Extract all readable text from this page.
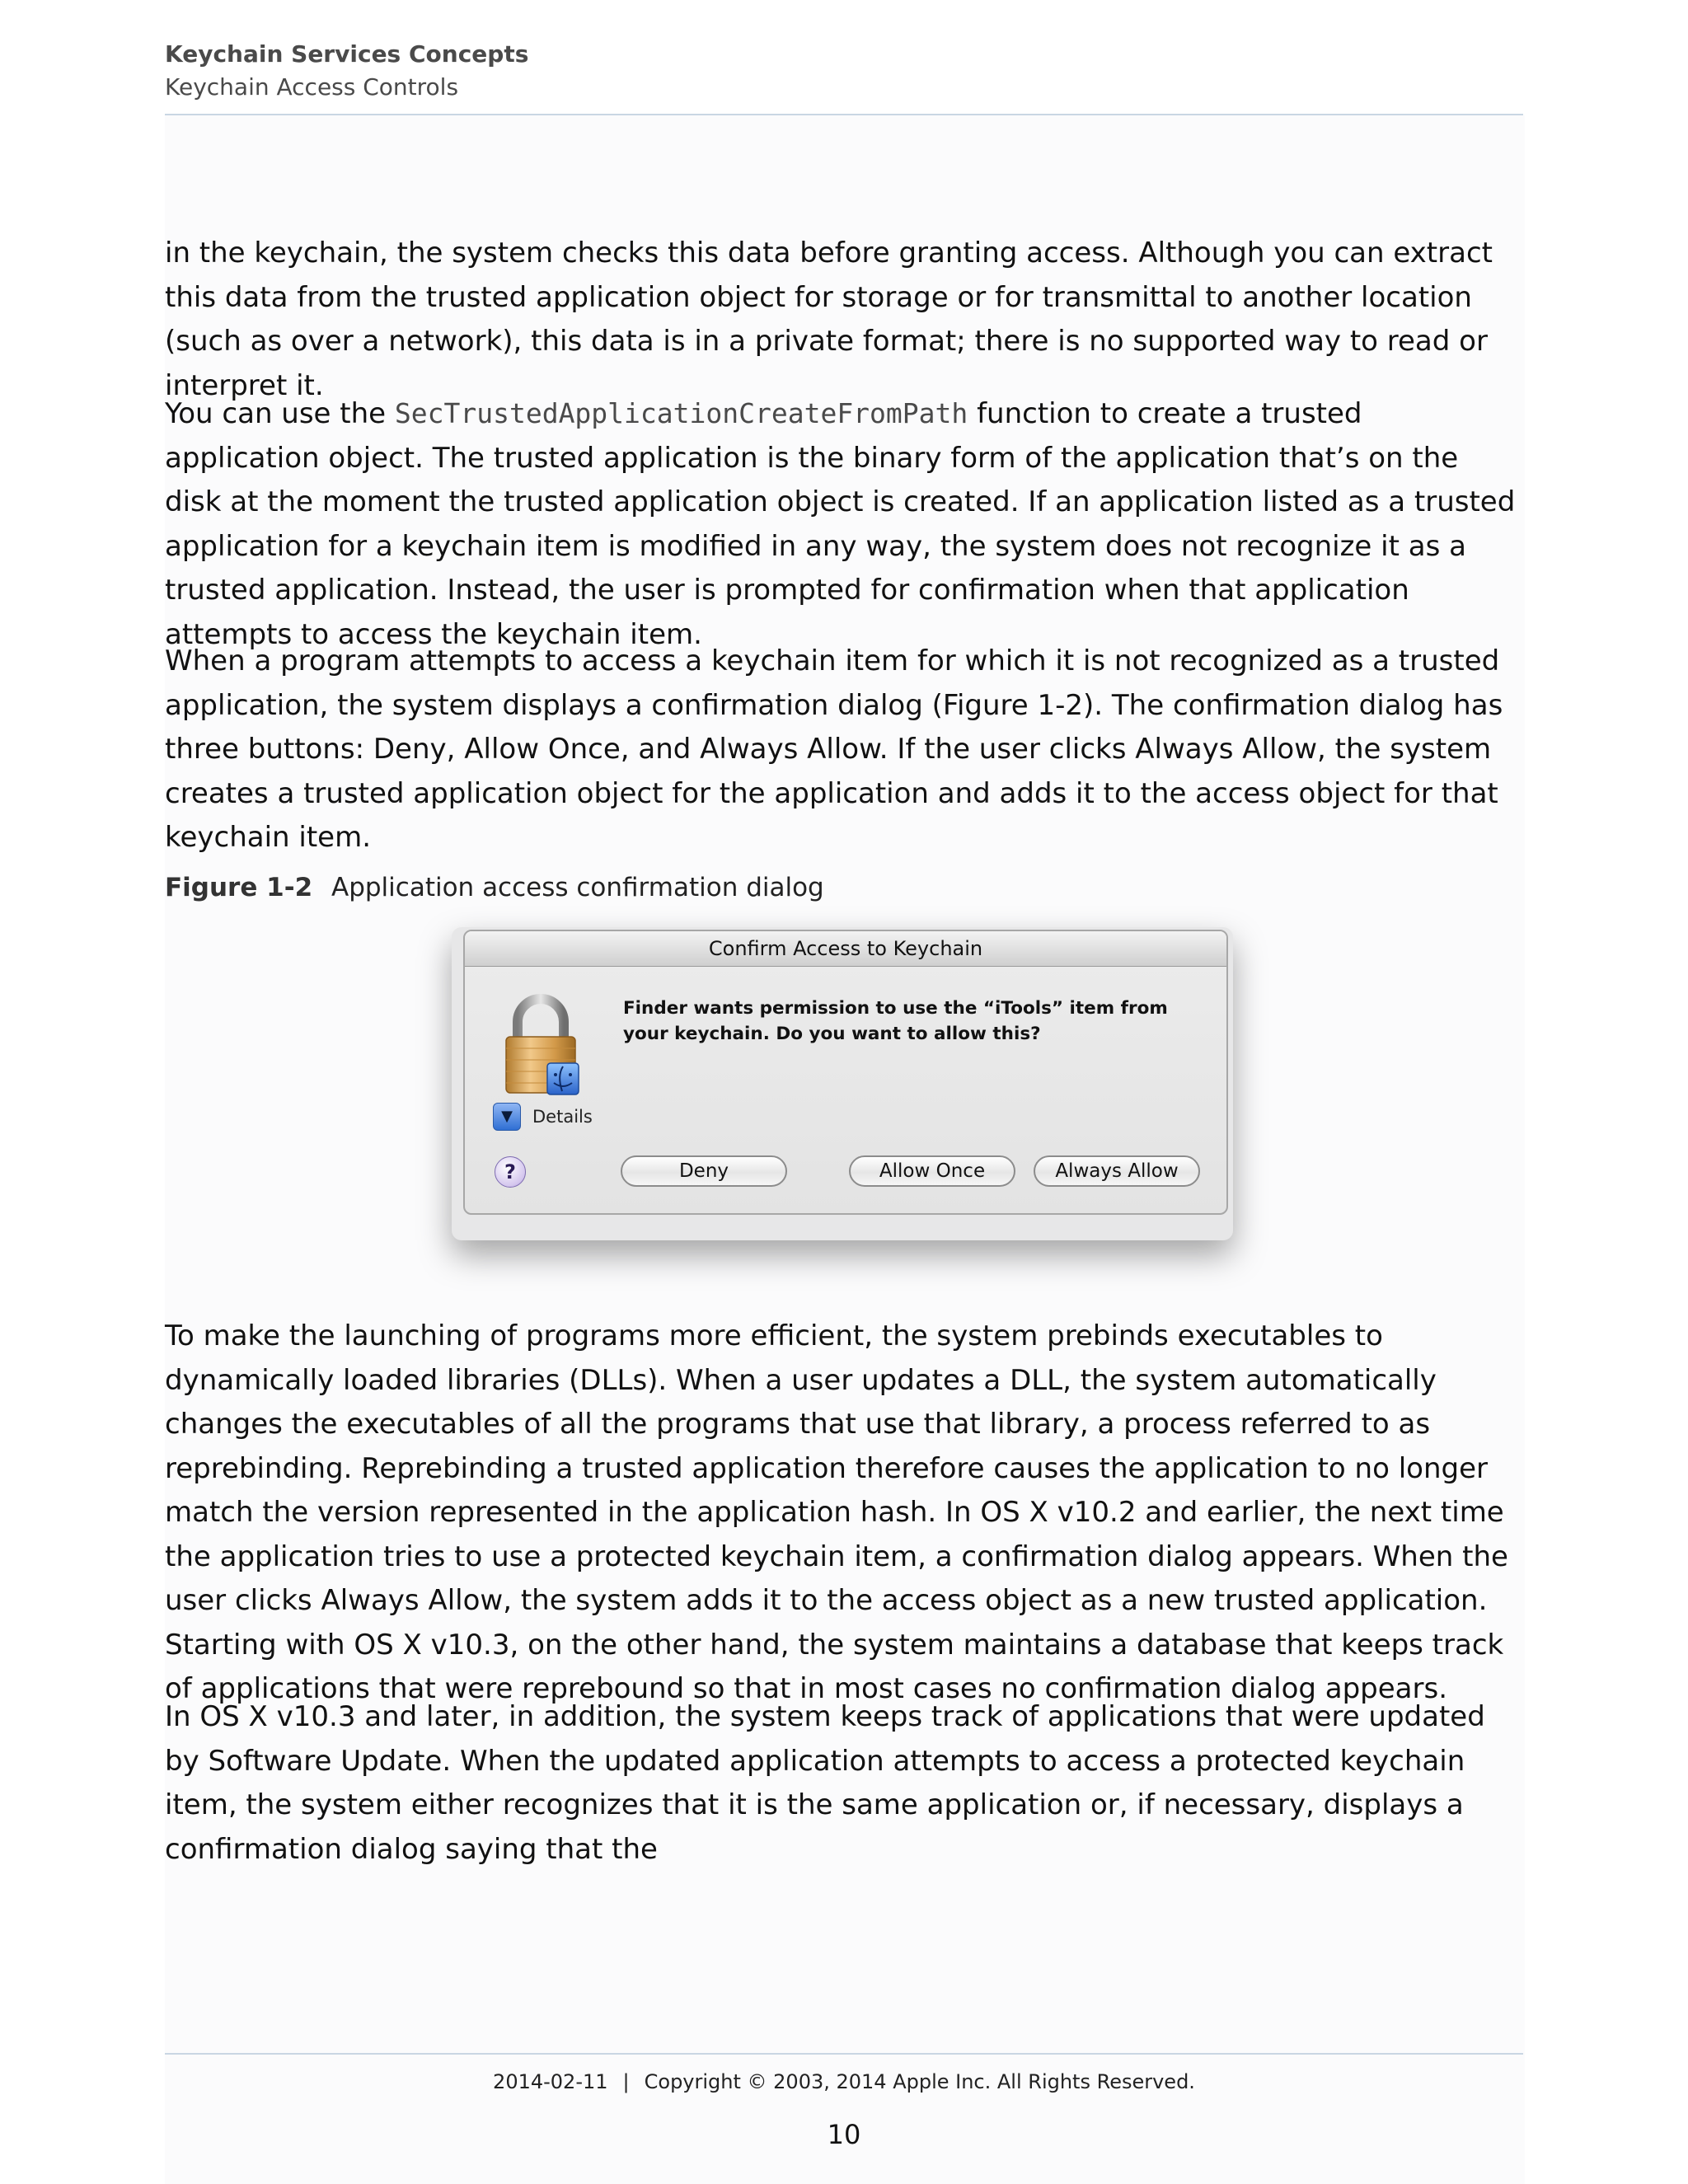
Keychain Services Concepts
Keychain Access Controls
in the keychain, the system checks this data before granting access. Although you can extract this data from the trusted application object for storage or for transmittal to another location (such as over a network), this data is in a private format; there is no supported way to read or interpret it.
You can use the SecTrustedApplicationCreateFromPath function to create a trusted application object. The trusted application is the binary form of the application that’s on the disk at the moment the trusted application object is created. If an application listed as a trusted application for a keychain item is modified in any way, the system does not recognize it as a trusted application. Instead, the user is prompted for confirmation when that application attempts to access the keychain item.
When a program attempts to access a keychain item for which it is not recognized as a trusted application, the system displays a confirmation dialog (Figure 1-2). The confirmation dialog has three buttons: Deny, Allow Once, and Always Allow. If the user clicks Always Allow, the system creates a trusted application object for the application and adds it to the access object for that keychain item.
Figure 1-2 Application access confirmation dialog
Confirm Access to Keychain
Finder wants permission to use the “iTools” item from your keychain. Do you want to allow this?
▼	Details
?	Deny	Allow Once	Always Allow
To make the launching of programs more efficient, the system prebinds executables to dynamically loaded libraries (DLLs). When a user updates a DLL, the system automatically changes the executables of all the programs that use that library, a process referred to as reprebinding. Reprebinding a trusted application therefore causes the application to no longer match the version represented in the application hash. In OS X v10.2 and earlier, the next time the application tries to use a protected keychain item, a confirmation dialog appears. When the user clicks Always Allow, the system adds it to the access object as a new trusted application. Starting with OS X v10.3, on the other hand, the system maintains a database that keeps track of applications that were reprebound so that in most cases no confirmation dialog appears.
In OS X v10.3 and later, in addition, the system keeps track of applications that were updated by Software Update. When the updated application attempts to access a protected keychain item, the system either recognizes that it is the same application or, if necessary, displays a confirmation dialog saying that the
2014-02-11 | Copyright © 2003, 2014 Apple Inc. All Rights Reserved.
10
